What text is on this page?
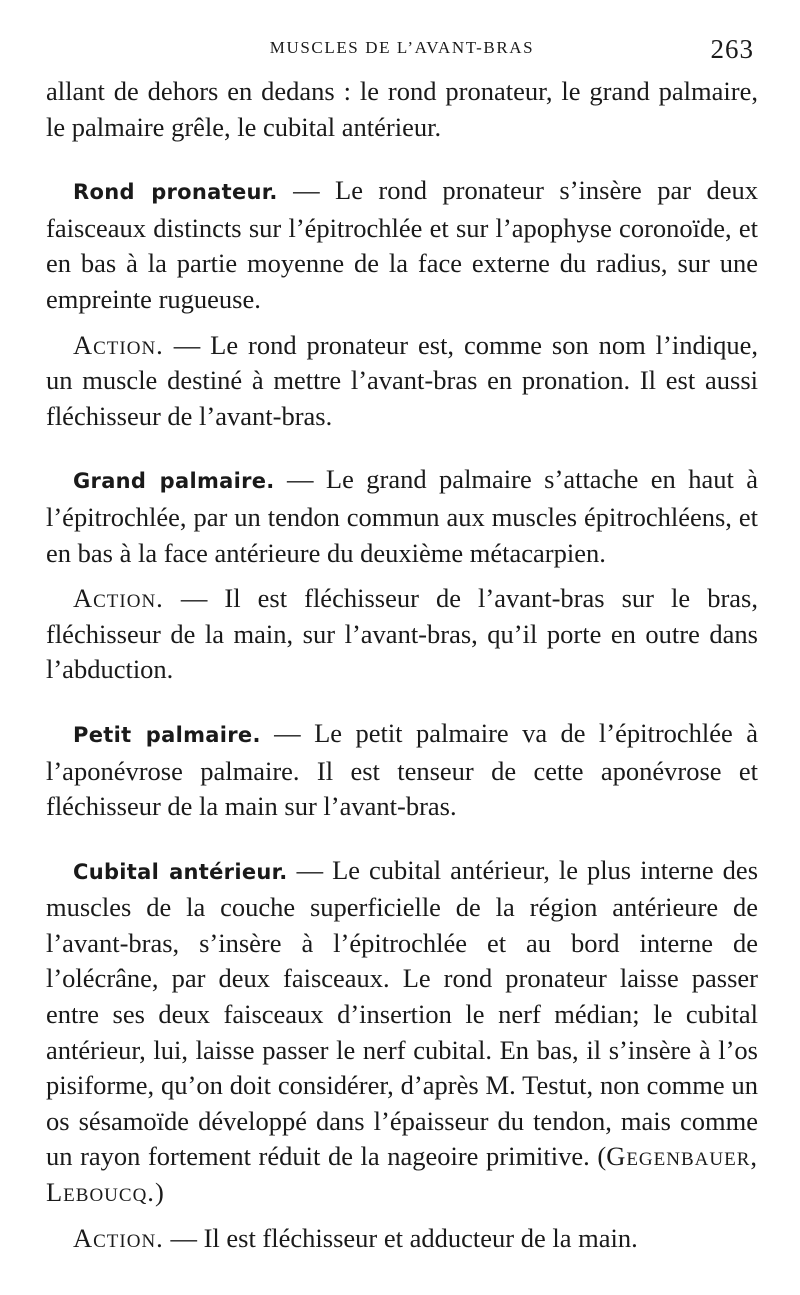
MUSCLES DE L’AVANT-BRAS	263

allant de dehors en dedans : le rond pronateur, le grand palmaire, le palmaire grêle, le cubital antérieur.

Rond pronateur. — Le rond pronateur s’insère par deux faisceaux distincts sur l’épitrochlée et sur l’apophyse coronoïde, et en bas à la partie moyenne de la face externe du radius, sur une empreinte rugueuse.

Action. — Le rond pronateur est, comme son nom l’indique, un muscle destiné à mettre l’avant-bras en pronation. Il est aussi fléchisseur de l’avant-bras.

Grand palmaire. — Le grand palmaire s’attache en haut à l’épitrochlée, par un tendon commun aux muscles épitrochléens, et en bas à la face antérieure du deuxième métacarpien.

Action. — Il est fléchisseur de l’avant-bras sur le bras, fléchisseur de la main, sur l’avant-bras, qu’il porte en outre dans l’abduction.

Petit palmaire. — Le petit palmaire va de l’épitrochlée à l’aponévrose palmaire. Il est tenseur de cette aponévrose et fléchisseur de la main sur l’avant-bras.

Cubital antérieur. — Le cubital antérieur, le plus interne des muscles de la couche superficielle de la région antérieure de l’avant-bras, s’insère à l’épitrochlée et au bord interne de l’olécrâne, par deux faisceaux. Le rond pronateur laisse passer entre ses deux faisceaux d’insertion le nerf médian; le cubital antérieur, lui, laisse passer le nerf cubital. En bas, il s’insère à l’os pisiforme, qu’on doit considérer, d’après M. Testut, non comme un os sésamoïde développé dans l’épaisseur du tendon, mais comme un rayon fortement réduit de la nageoire primitive. (Gegenbauer, Leboucq.)

Action. — Il est fléchisseur et adducteur de la main.
